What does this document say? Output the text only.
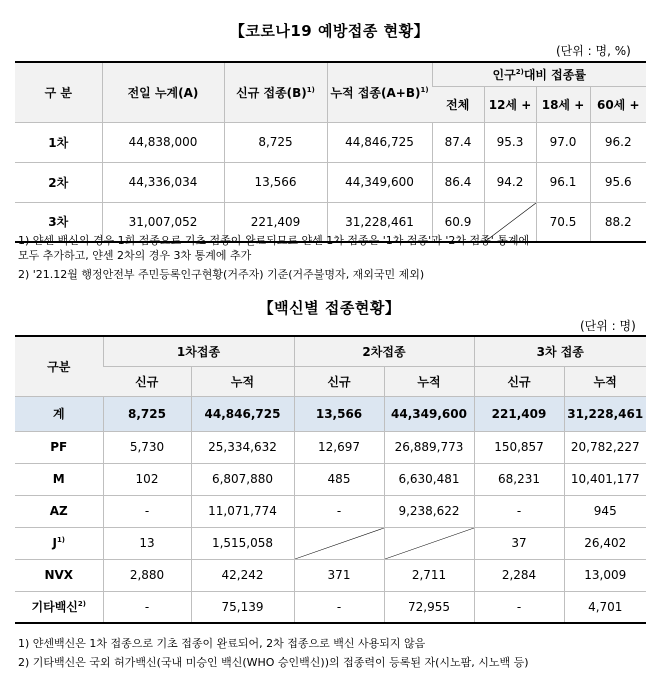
【코로나19 예방접종 현황】
(단위 : 명, %)
구 분	전일 누계(A)	신규 접종$(B)^{1)}$	누적 접종$(A+B)^{1)}$	인구$^{2)}$대비 접종률			
				전체	12세 +	18세 +	60세 +
1차	44,838,000	8,725	44,846,725	87.4	95.3	97.0	96.2
2차	44,336,034	13,566	44,349,600	86.4	94.2	96.1	95.6
3차	31,007,052	221,409	31,228,461	60.9		70.5	88.2
1) 얀센 백신의 경우 1회 접종으로 기초 접종이 완료되므로 얀센 1차 접종은 '1차 접종'과 '2차 접종' 통계에
모두 추가하고, 얀센 2차의 경우 3차 통계에 추가
2) '21.12월 행정안전부 주민등록인구현황(거주자) 기준(거주불명자, 재외국민 제외)
【백신별 접종현황】
(단위 : 명)
구분	1차접종		2차접종		3차 접종	
	신규	누적	신규	누적	신규	누적
계	8,725	44,846,725	13,566	44,349,600	221,409	31,228,461
PF	5,730	25,334,632	12,697	26,889,773	150,857	20,782,227
M	102	6,807,880	485	6,630,481	68,231	10,401,177
AZ	-	11,071,774	-	9,238,622	-	945
$J^{1)}$	13	1,515,058			37	26,402
NVX	2,880	42,242	371	2,711	2,284	13,009
기타백신$^{2)}$	-	75,139	-	72,955	-	4,701
1) 얀센백신은 1차 접종으로 기초 접종이 완료되어, 2차 접종으로 백신 사용되지 않음
2) 기타백신은 국외 허가백신(국내 미승인 백신(WHO 승인백신))의 접종력이 등록된 자(시노팜, 시노백 등)
